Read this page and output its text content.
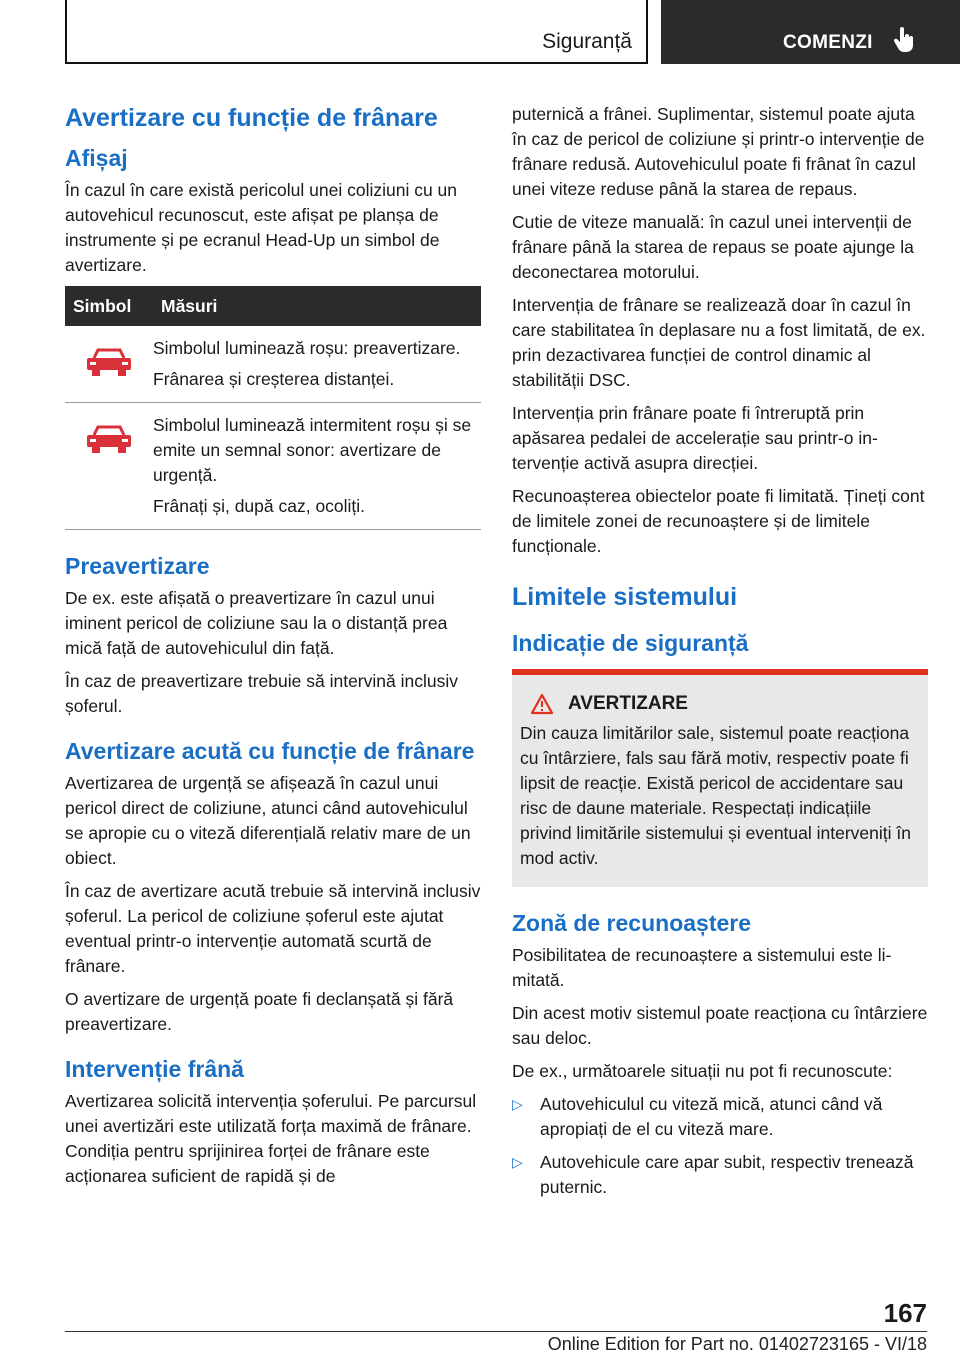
Siguranță	COMENZI
Avertizare cu funcție de frânare
Afișaj

În cazul în care există pericolul unei coliziuni cu un autovehicul recunoscut, este afișat pe planșa de instrumente și pe ecranul Head-Up un simbol de avertizare.

Simbol	Măsuri

Simbolul luminează roșu: preavertizare.

Frânarea și creșterea distanței.

Simbolul luminează intermitent roșu și se emite un semnal sonor: avertizare de urgență.

Frânați și, după caz, ocoliți.

Preavertizare

De ex. este afișată o preavertizare în cazul unui iminent pericol de coliziune sau la o distanță prea mică față de autovehiculul din față.

În caz de preavertizare trebuie să intervină inclusiv șoferul.

Avertizare acută cu funcție de frânare

Avertizarea de urgență se afișează în cazul unui pericol direct de coliziune, atunci când autovehiculul se apropie cu o viteză diferențială relativ mare de un obiect.

În caz de avertizare acută trebuie să intervină inclusiv șoferul. La pericol de coliziune șoferul este ajutat eventual printr-o intervenție automată scurtă de frânare.

O avertizare de urgență poate fi declanșată și fără preavertizare.

Intervenție frână

Avertizarea solicită intervenția șoferului. Pe parcursul unei avertizări este utilizată forța maximă de frânare. Condiția pentru sprijinirea forței de frânare este acționarea suficient de rapidă și de

puternică a frânei. Suplimentar, sistemul poate ajuta în caz de pericol de coliziune și printr-o intervenție de frânare redusă. Autovehiculul poate fi frânat în cazul unei viteze reduse până la starea de repaus.

Cutie de viteze manuală: în cazul unei intervenții de frânare până la starea de repaus se poate ajunge la deconectarea motorului.

Intervenția de frânare se realizează doar în cazul în care stabilitatea în deplasare nu a fost limitată, de ex. prin dezactivarea funcției de control dinamic al stabilității DSC.

Intervenția prin frânare poate fi întreruptă prin apăsarea pedalei de accelerație sau printr-o intervenție activă asupra direcției.

Recunoașterea obiectelor poate fi limitată. Țineți cont de limitele zonei de recunoaștere și de limitele funcționale.

Limitele sistemului
Indicație de siguranță
AVERTIZARE

Din cauza limitărilor sale, sistemul poate reacționa cu întârziere, fals sau fără motiv, respectiv poate fi lipsit de reacție. Există pericol de accidentare sau risc de daune materiale. Respectați indicațiile privind limitările sistemului și eventual interveniți în mod activ.

Zonă de recunoaștere

Posibilitatea de recunoaștere a sistemului este limitată.

Din acest motiv sistemul poate reacționa cu întârziere sau deloc.

De ex., următoarele situații nu pot fi recunoscute:

▷ Autovehiculul cu viteză mică, atunci când vă apropiați de el cu viteză mare.

▷ Autovehicule care apar subit, respectiv trenează puternic.

167
Online Edition for Part no. 01402723165 - VI/18
